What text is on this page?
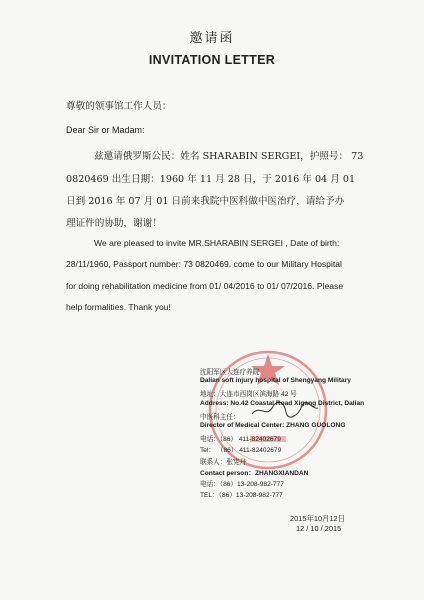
邀请函
INVITATION LETTER
尊敬的领事馆工作人员：
Dear Sir or Madam:
兹邀请俄罗斯公民：姓名 SHARABIN SERGEI，护照号： 73
0820469 出生日期：1960 年 11 月 28 日，于 2016 年 04 月 01
日到 2016 年 07 月 01 日前来我院中医科做中医治疗，请给予办
理证件的协助，谢谢！
We are pleased to invite MR.SHARABIN SERGEI , Date of birth:
28/11/1960, Passport number: 73 0820469. come to our Military Hospital
for doing rehabilitation medicine from 01/ 04/2016 to 01/ 07/2016. Please
help formalities. Thank you!
沈阳军区大连疗养院
Dalian soft injury hospital of Shengyang Military
地址：大连市西岗区滨海路 42 号
Address: No.42 Coastal Road Xigang District, Dalian
中医科主任：
Director of Medical Center: ZHANG GUOLONG
电话：（86） 411-82402679
Tel： （86） 411-82402679
联系人：张宪丹
Contact person：ZHANGXIANDAN
电话：（86）13-208-982-777
TEL：（86）13-208-982-777
2015年10月12日
12 / 10 / 2015
